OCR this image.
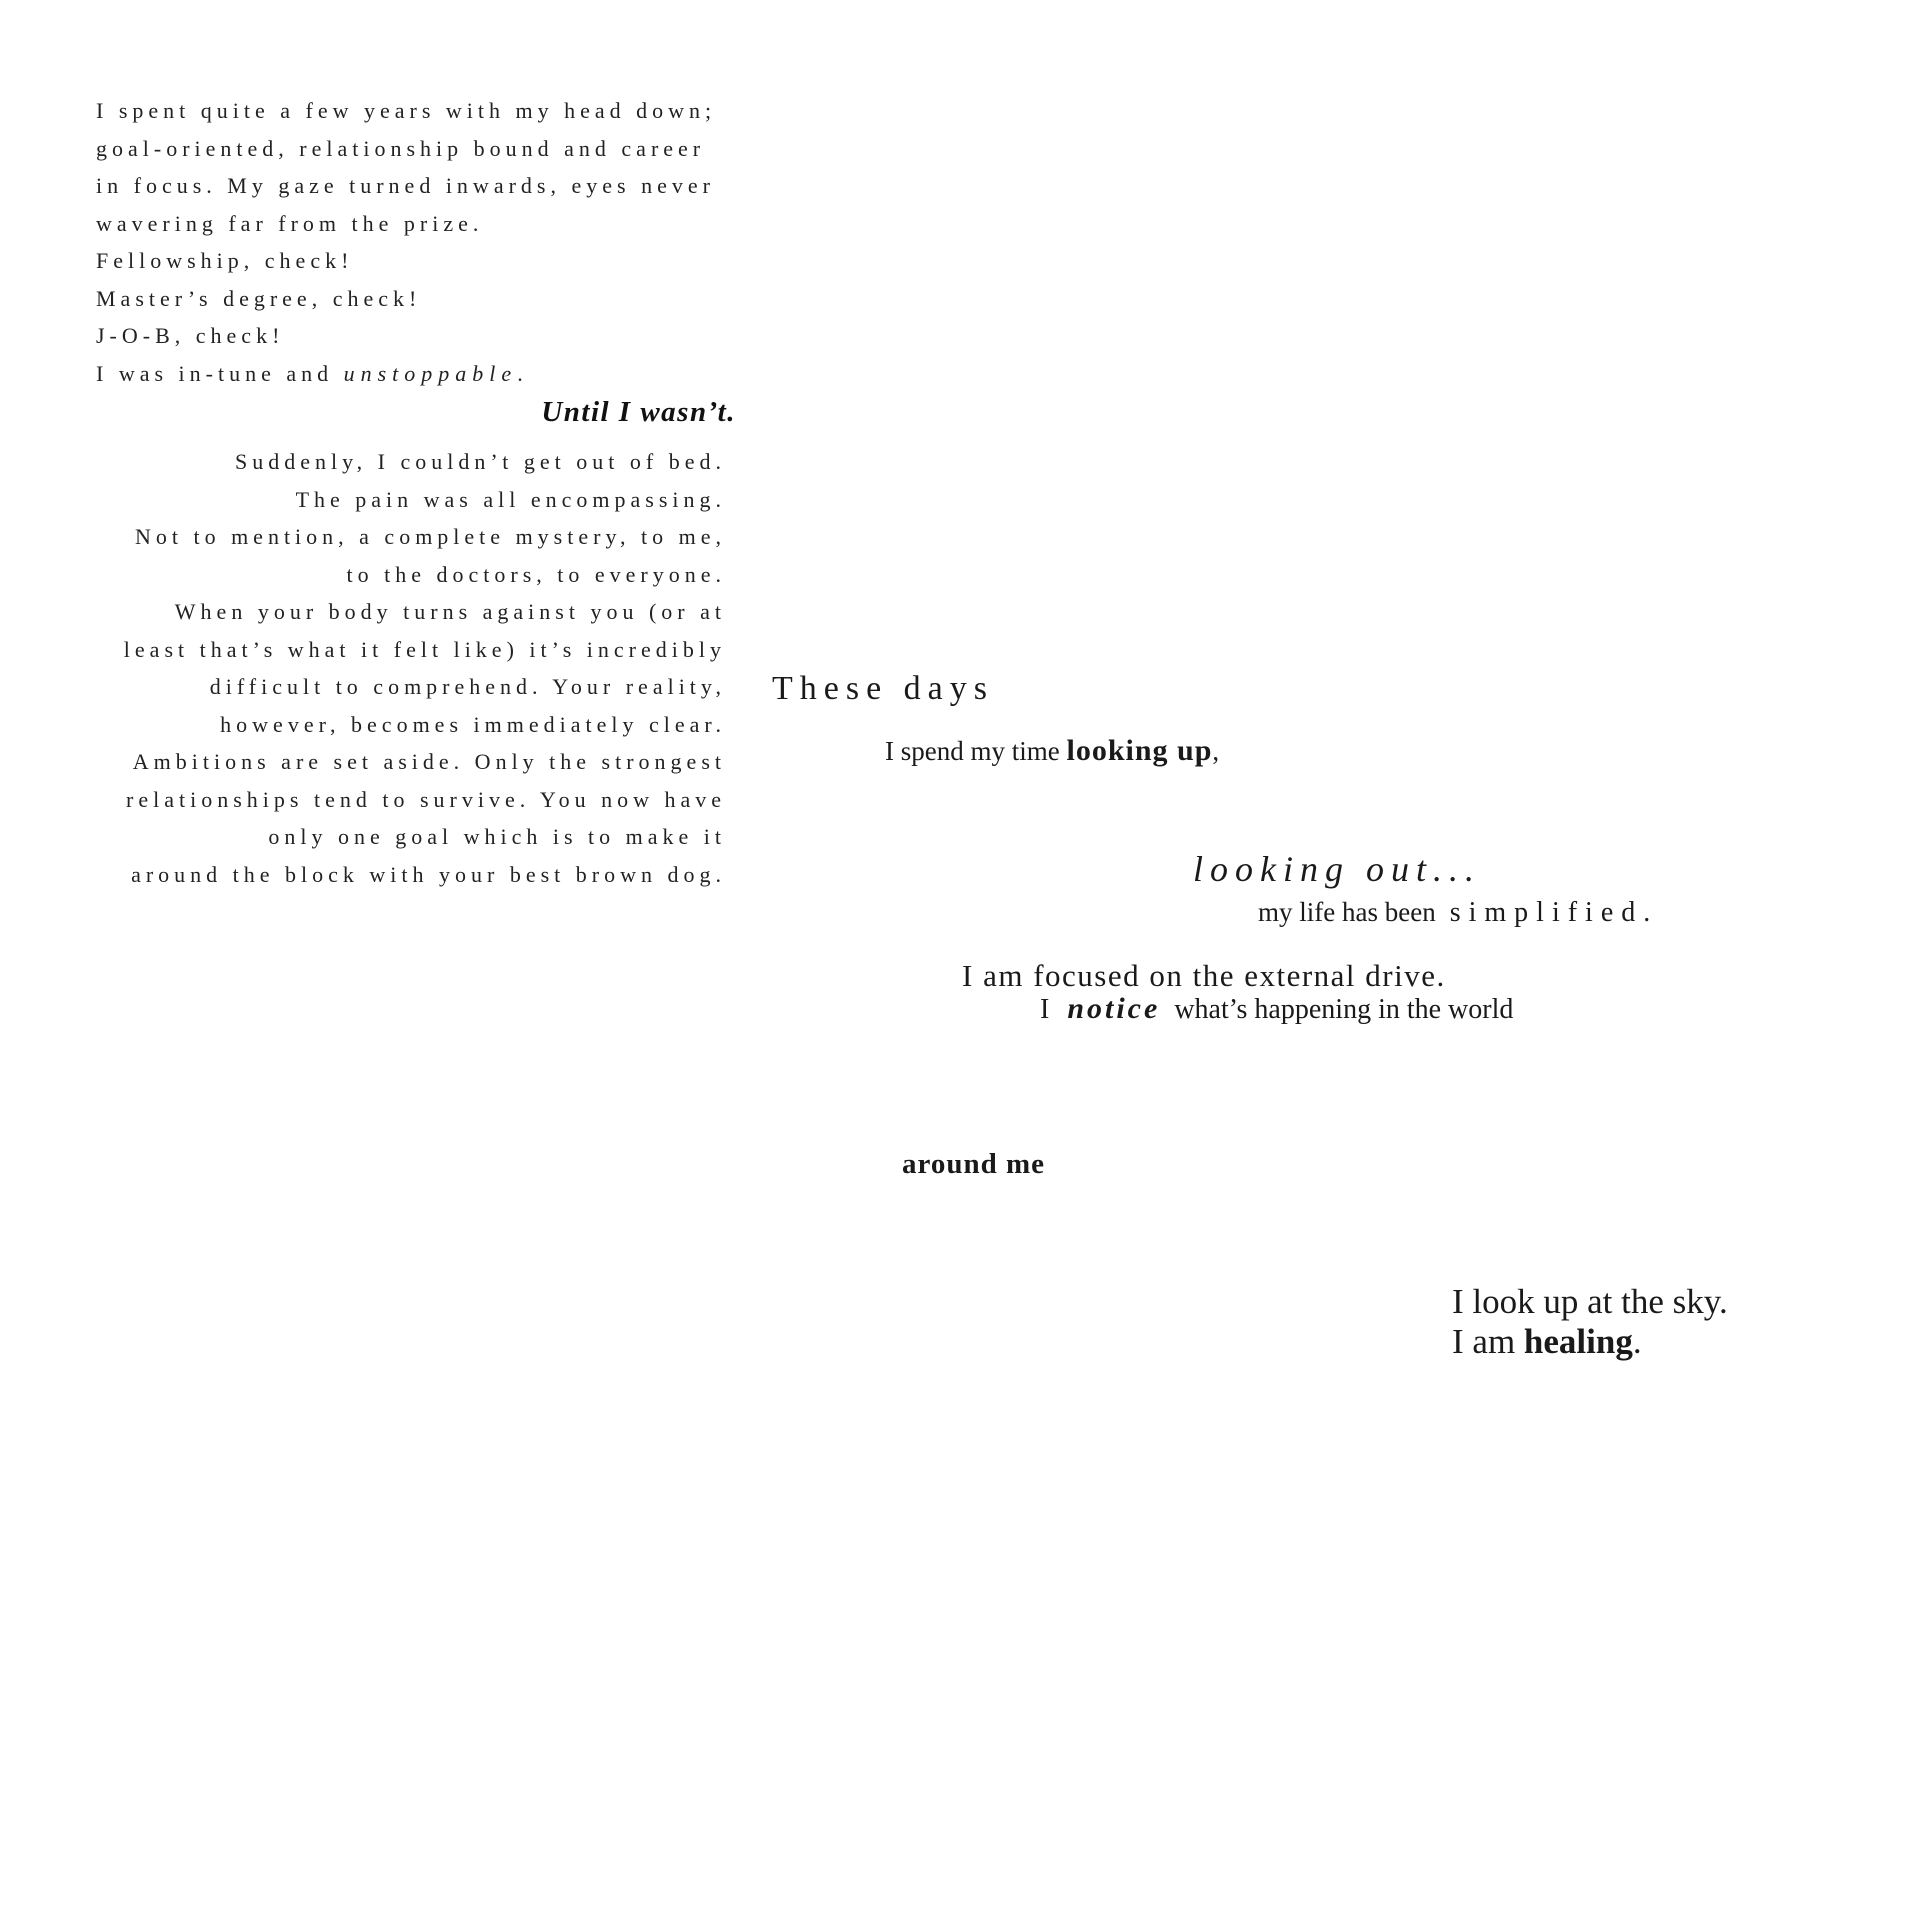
I spent quite a few years with my head down;
goal-oriented, relationship bound and career
in focus. My gaze turned inwards, eyes never
wavering far from the prize.
Fellowship, check!
Master’s degree, check!
J-O-B, check!
I was in-tune and unstoppable.
Until I wasn’t.
Suddenly, I couldn’t get out of bed.
The pain was all encompassing.
Not to mention, a complete mystery, to me,
to the doctors, to everyone.
When your body turns against you (or at
least that’s what it felt like) it’s incredibly
difficult to comprehend. Your reality,
however, becomes immediately clear.
Ambitions are set aside. Only the strongest
relationships tend to survive. You now have
only one goal which is to make it
around the block with your best brown dog.
These days
I spend my time looking up,
looking out...
my life has been simplified.
I am focused on the external drive.
I notice what’s happening in the world
around me
I look up at the sky.
I am healing.
